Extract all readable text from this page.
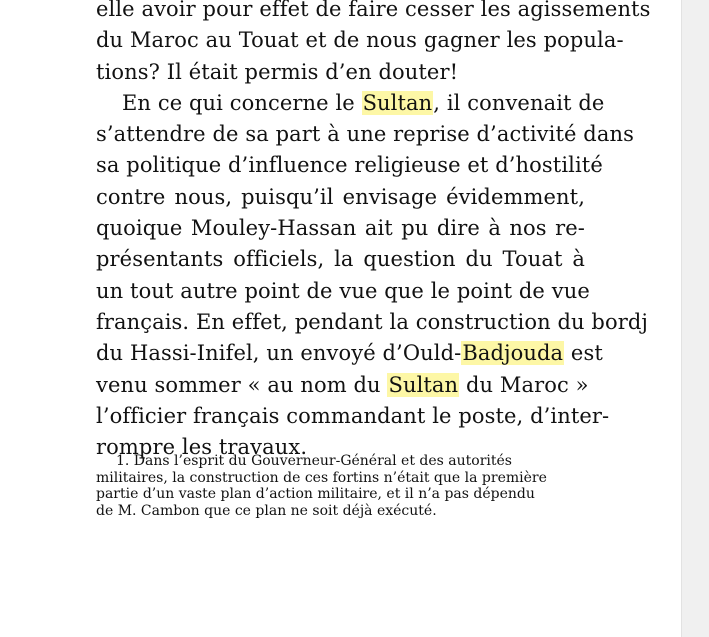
elle avoir pour effet de faire cesser les agissements
du Maroc au Touat et de nous gagner les popula-
tions? Il était permis d’en douter!
En ce qui concerne le Sultan, il convenait de
s’attendre de sa part à une reprise d’activité dans
sa politique d’influence religieuse et d’hostilité
contre nous, puisqu’il envisage évidemment,
quoique Mouley-Hassan ait pu dire à nos re-
présentants officiels, la question du Touat à
un tout autre point de vue que le point de vue
français. En effet, pendant la construction du bordj
du Hassi-Inifel, un envoyé d’Ould-Badjouda est
venu sommer « au nom du Sultan du Maroc »
l’officier français commandant le poste, d’inter-
rompre les travaux.
1. Dans l’esprit du Gouverneur-Général et des autorités
militaires, la construction de ces fortins n’était que la première
partie d’un vaste plan d’action militaire, et il n’a pas dépendu
de M. Cambon que ce plan ne soit déjà exécuté.
